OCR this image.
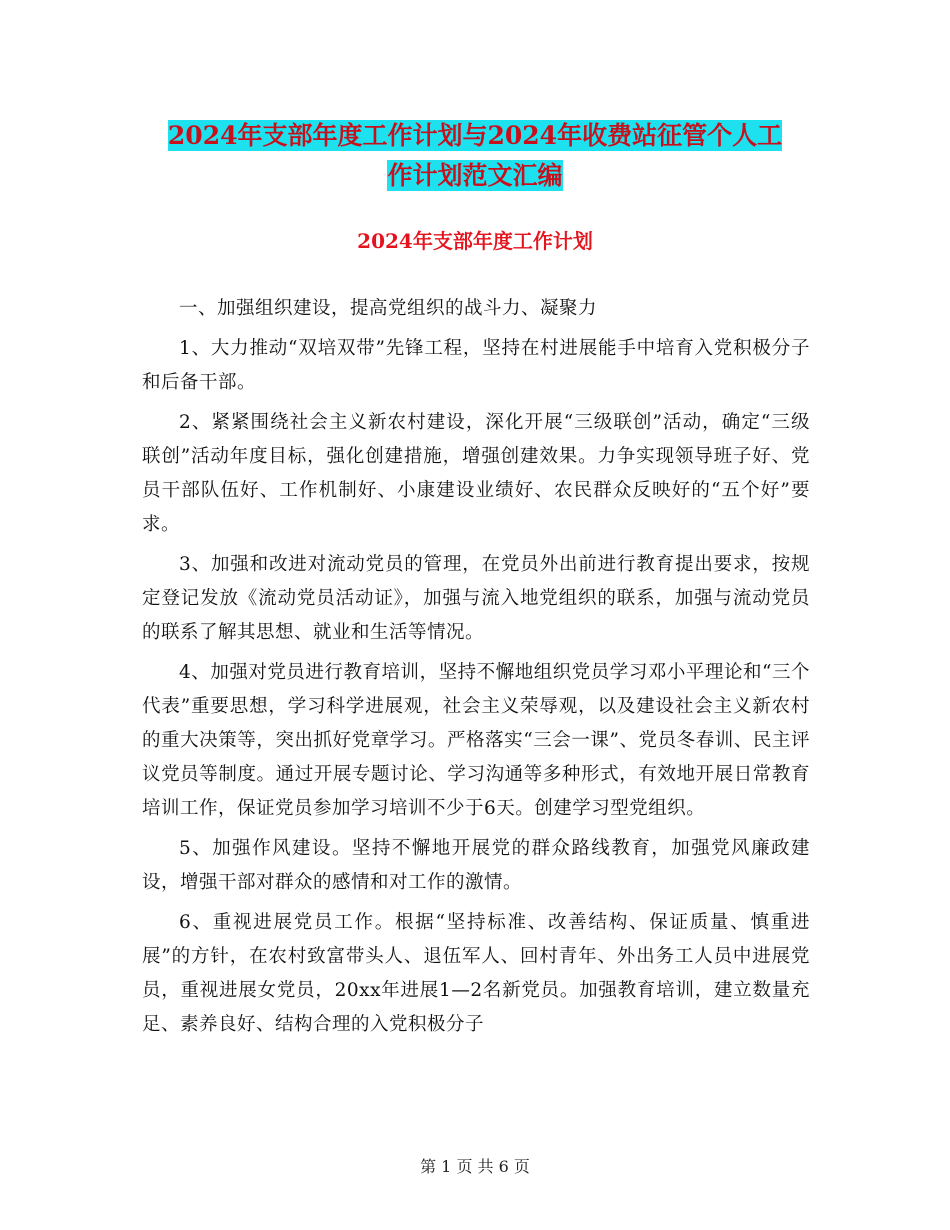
2024年支部年度工作计划与2024年收费站征管个人工
作计划范文汇编
2024年支部年度工作计划

一、加强组织建设，提高党组织的战斗力、凝聚力

1、大力推动“双培双带”先锋工程，坚持在村进展能手中培育入党积极分子和后备干部。

2、紧紧围绕社会主义新农村建设，深化开展“三级联创”活动，确定“三级联创”活动年度目标，强化创建措施，增强创建效果。力争实现领导班子好、党员干部队伍好、工作机制好、小康建设业绩好、农民群众反映好的“五个好”要求。

3、加强和改进对流动党员的管理，在党员外出前进行教育提出要求，按规定登记发放《流动党员活动证》，加强与流入地党组织的联系，加强与流动党员的联系了解其思想、就业和生活等情况。

4、加强对党员进行教育培训，坚持不懈地组织党员学习邓小平理论和“三个代表”重要思想，学习科学进展观，社会主义荣辱观，以及建设社会主义新农村的重大决策等，突出抓好党章学习。严格落实“三会一课”、党员冬春训、民主评议党员等制度。通过开展专题讨论、学习沟通等多种形式，有效地开展日常教育培训工作，保证党员参加学习培训不少于6天。创建学习型党组织。

5、加强作风建设。坚持不懈地开展党的群众路线教育，加强党风廉政建设，增强干部对群众的感情和对工作的激情。

6、重视进展党员工作。根据“坚持标准、改善结构、保证质量、慎重进展”的方针，在农村致富带头人、退伍军人、回村青年、外出务工人员中进展党员，重视进展女党员，20xx年进展1—2名新党员。加强教育培训，建立数量充足、素养良好、结构合理的入党积极分子

第 1 页 共 6 页
